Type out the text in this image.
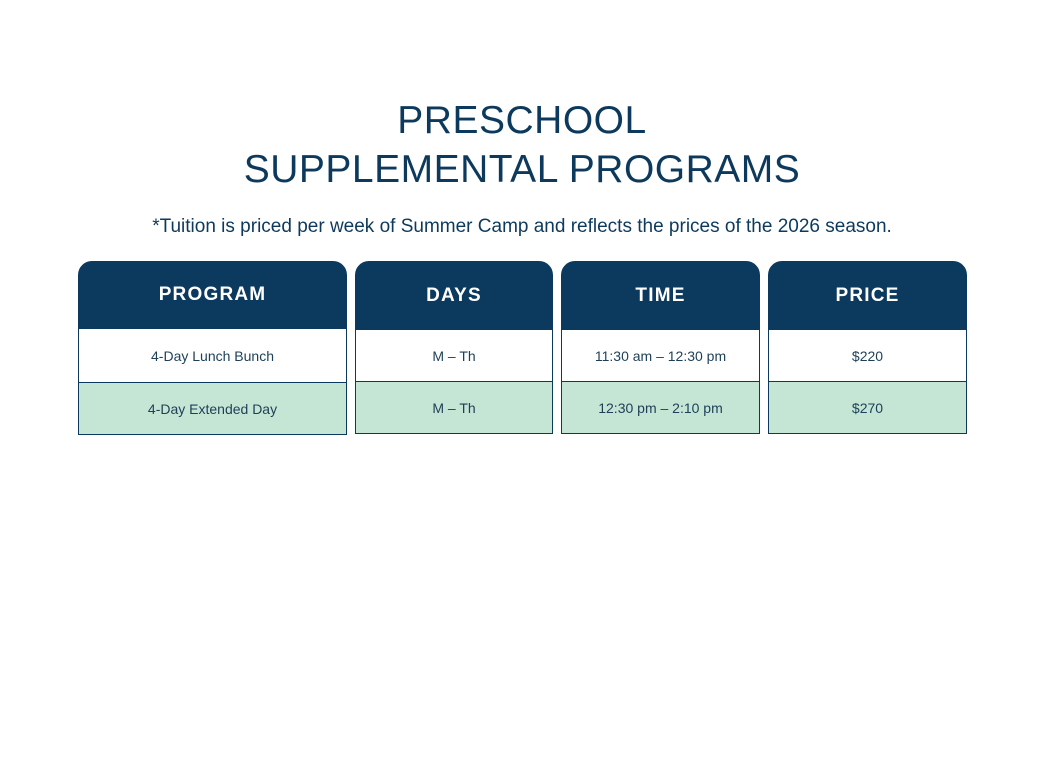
PRESCHOOL
SUPPLEMENTAL PROGRAMS
*Tuition is priced per week of Summer Camp and reflects the prices of the 2026 season.
PROGRAM
4-Day Lunch Bunch
4-Day Extended Day
DAYS
M – Th
M – Th
TIME
11:30 am – 12:30 pm
12:30 pm – 2:10 pm
PRICE
$220
$270
